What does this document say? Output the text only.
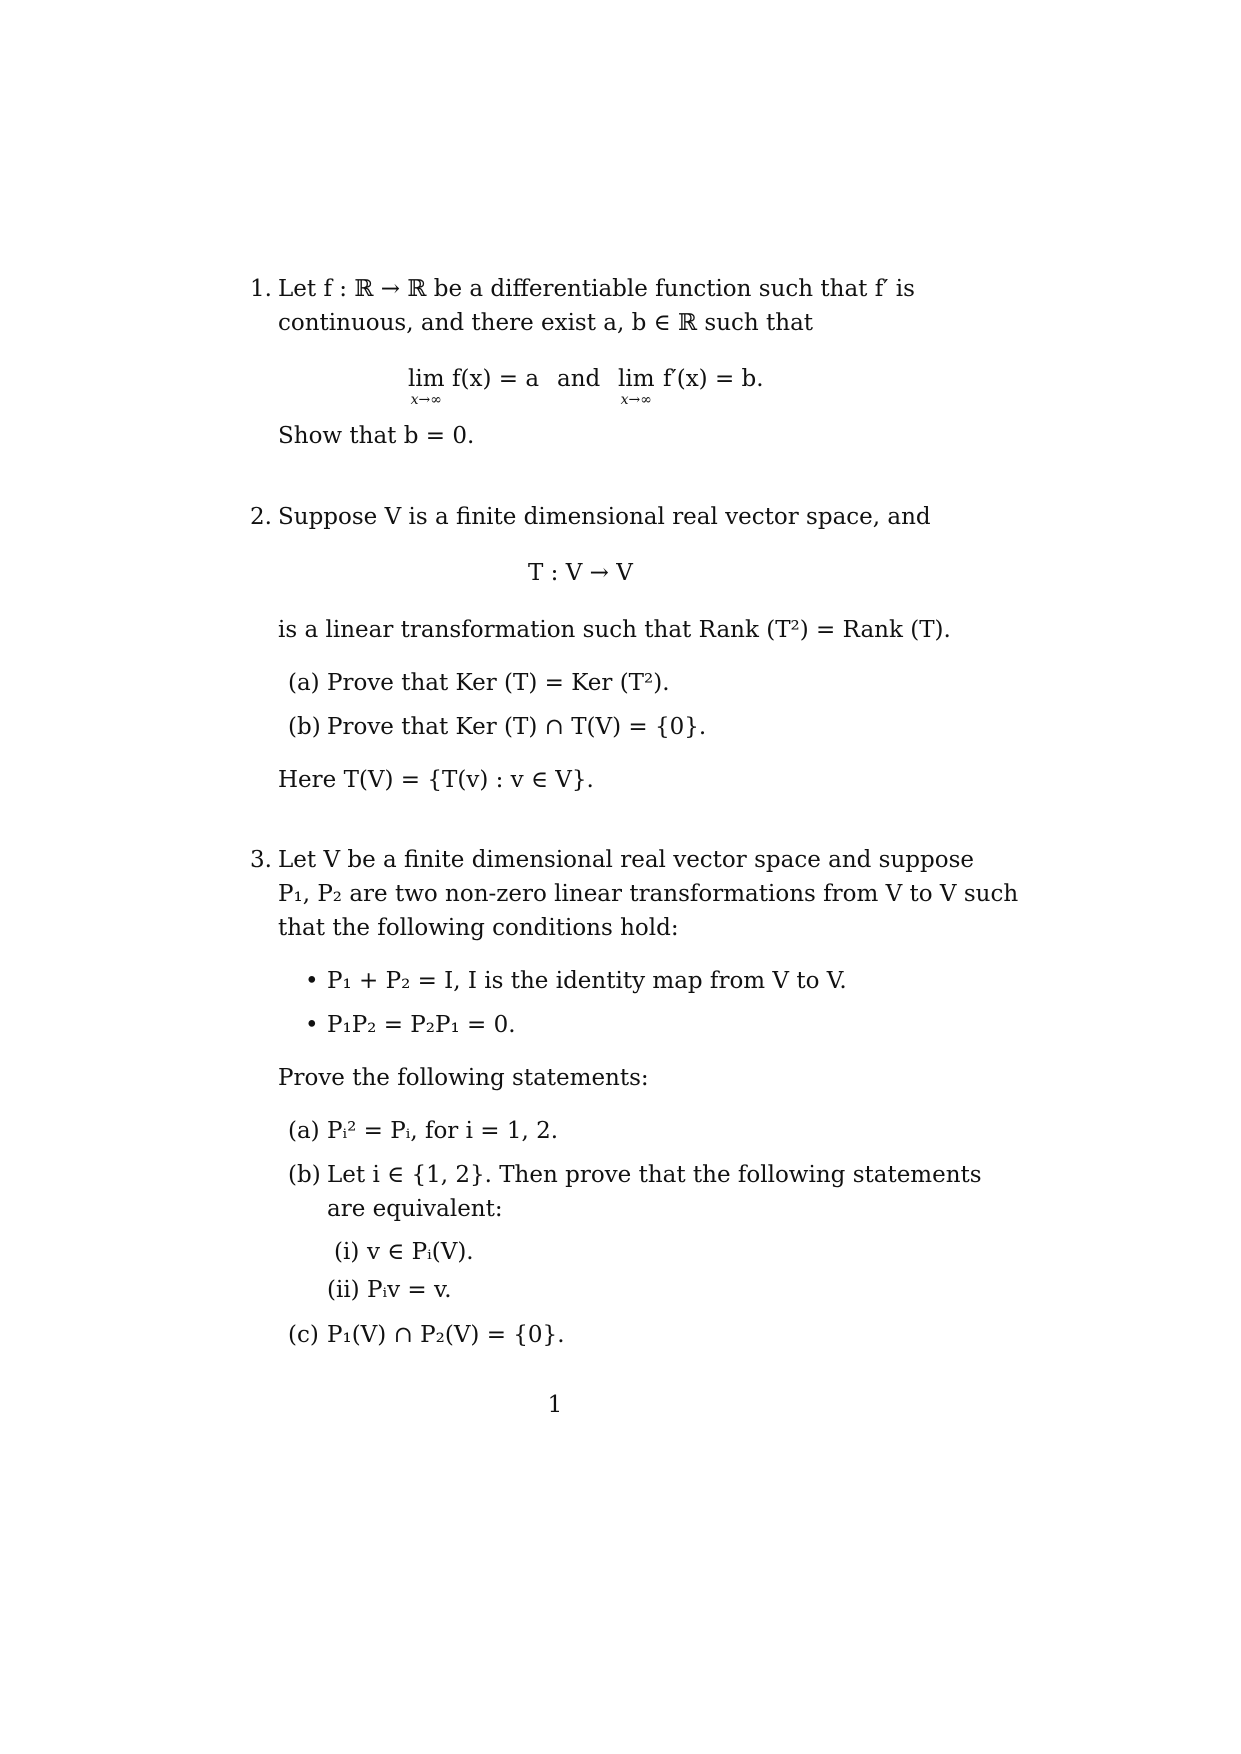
1. Let f : ℝ → ℝ be a differentiable function such that f′ is
continuous, and there exist a, b ∈ ℝ such that
lim
x→∞
f(x) = a and lim
x→∞
f′(x) = b.
Show that b = 0.
2. Suppose V is a finite dimensional real vector space, and
T : V → V
is a linear transformation such that Rank (T²) = Rank (T).
(a) Prove that Ker (T) = Ker (T²).
(b) Prove that Ker (T) ∩ T(V) = {0}.
Here T(V) = {T(v) : v ∈ V}.
3. Let V be a finite dimensional real vector space and suppose
P₁, P₂ are two non-zero linear transformations from V to V such
that the following conditions hold:
• P₁ + P₂ = I, I is the identity map from V to V.
• P₁P₂ = P₂P₁ = 0.
Prove the following statements:
(a) Pᵢ² = Pᵢ, for i = 1, 2.
(b) Let i ∈ {1, 2}. Then prove that the following statements
are equivalent:
(i) v ∈ Pᵢ(V).
(ii) Pᵢv = v.
(c) P₁(V) ∩ P₂(V) = {0}.
1
